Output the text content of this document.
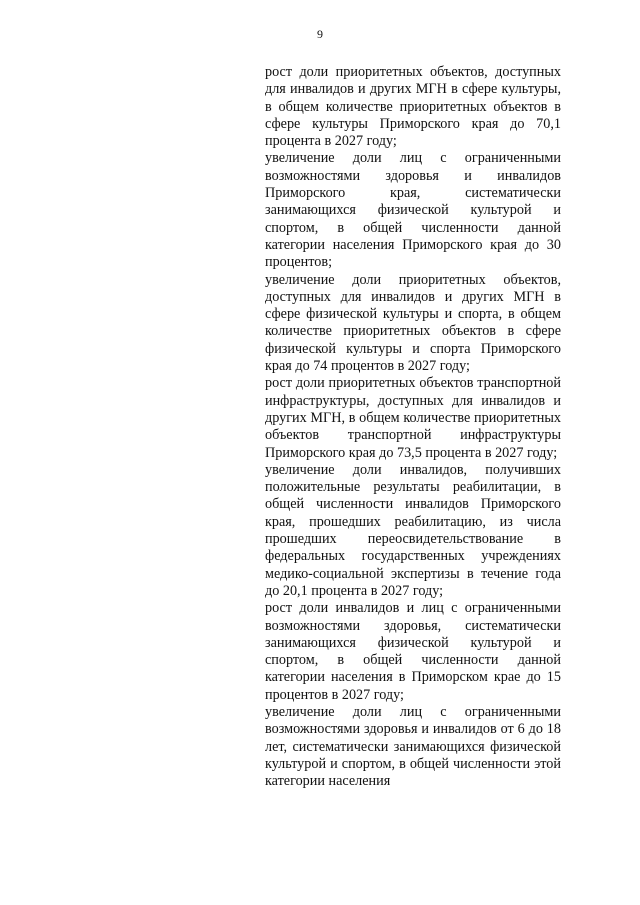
9

рост доли приоритетных объектов, доступных для инвалидов и других МГН в сфере культуры, в общем количестве приоритетных объектов в сфере культуры Приморского края до 70,1 процента в 2027 году;

увеличение доли лиц с ограниченными возможностями здоровья и инвалидов Приморского края, систематически занимающихся физической культурой и спортом, в общей численности данной категории населения Приморского края до 30 процентов;

увеличение доли приоритетных объектов, доступных для инвалидов и других МГН в сфере физической культуры и спорта, в общем количестве приоритетных объектов в сфере физической культуры и спорта Приморского края до 74 процентов в 2027 году;

рост доли приоритетных объектов транспортной инфраструктуры, доступных для инвалидов и других МГН, в общем количестве приоритетных объектов транспортной инфраструктуры Приморского края до 73,5 процента в 2027 году;

увеличение доли инвалидов, получивших положительные результаты реабилитации, в общей численности инвалидов Приморского края, прошедших реабилитацию, из числа прошедших переосвидетельствование в федеральных государственных учреждениях медико-социальной экспертизы в течение года до 20,1 процента в 2027 году;

рост доли инвалидов и лиц с ограниченными возможностями здоровья, систематически занимающихся физической культурой и спортом, в общей численности данной категории населения в Приморском крае до 15 процентов в 2027 году;

увеличение доли лиц с ограниченными возможностями здоровья и инвалидов от 6 до 18 лет, систематически занимающихся физической культурой и спортом, в общей численности этой категории населения
